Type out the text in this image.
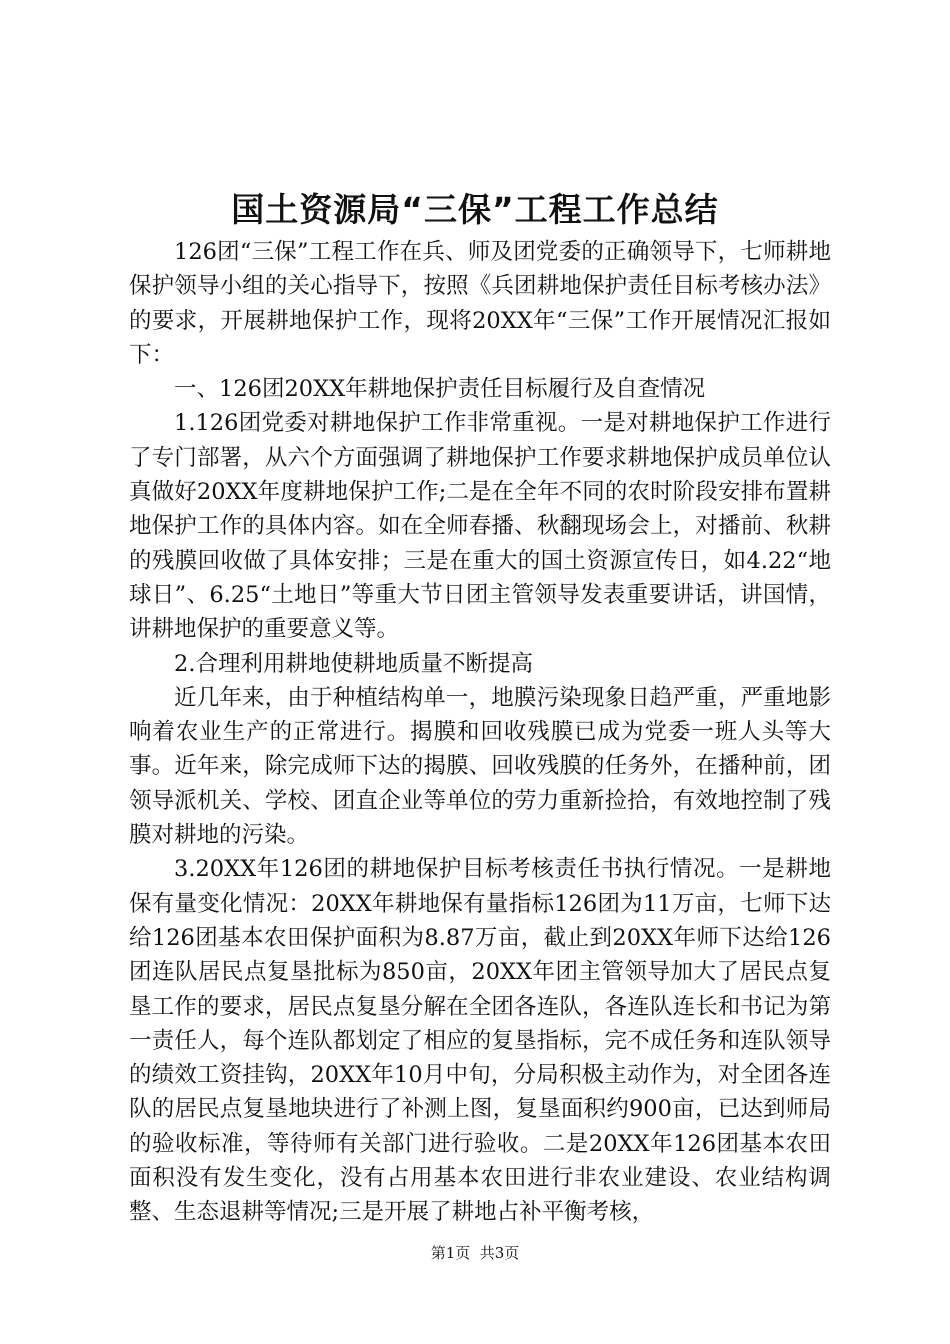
国土资源局“三保”工程工作总结

126团“三保”工程工作在兵、师及团党委的正确领导下，七师耕地保护领导小组的关心指导下，按照《兵团耕地保护责任目标考核办法》的要求，开展耕地保护工作，现将20XX年“三保”工作开展情况汇报如下：

一、126团20XX年耕地保护责任目标履行及自查情况

1.126团党委对耕地保护工作非常重视。一是对耕地保护工作进行了专门部署，从六个方面强调了耕地保护工作要求耕地保护成员单位认真做好20XX年度耕地保护工作;二是在全年不同的农时阶段安排布置耕地保护工作的具体内容。如在全师春播、秋翻现场会上，对播前、秋耕的残膜回收做了具体安排；三是在重大的国土资源宣传日，如4.22“地球日”、6.25“土地日”等重大节日团主管领导发表重要讲话，讲国情，讲耕地保护的重要意义等。

2.合理利用耕地使耕地质量不断提高

近几年来，由于种植结构单一，地膜污染现象日趋严重，严重地影响着农业生产的正常进行。揭膜和回收残膜已成为党委一班人头等大事。近年来，除完成师下达的揭膜、回收残膜的任务外，在播种前，团领导派机关、学校、团直企业等单位的劳力重新捡拾，有效地控制了残膜对耕地的污染。

3.20XX年126团的耕地保护目标考核责任书执行情况。一是耕地保有量变化情况：20XX年耕地保有量指标126团为11万亩，七师下达给126团基本农田保护面积为8.87万亩，截止到20XX年师下达给126团连队居民点复垦批标为850亩，20XX年团主管领导加大了居民点复垦工作的要求，居民点复垦分解在全团各连队，各连队连长和书记为第一责任人，每个连队都划定了相应的复垦指标，完不成任务和连队领导的绩效工资挂钩，20XX年10月中旬，分局积极主动作为，对全团各连队的居民点复垦地块进行了补测上图，复垦面积约900亩，已达到师局的验收标准，等待师有关部门进行验收。二是20XX年126团基本农田面积没有发生变化，没有占用基本农田进行非农业建设、农业结构调整、生态退耕等情况;三是开展了耕地占补平衡考核，

第1页  共3页
